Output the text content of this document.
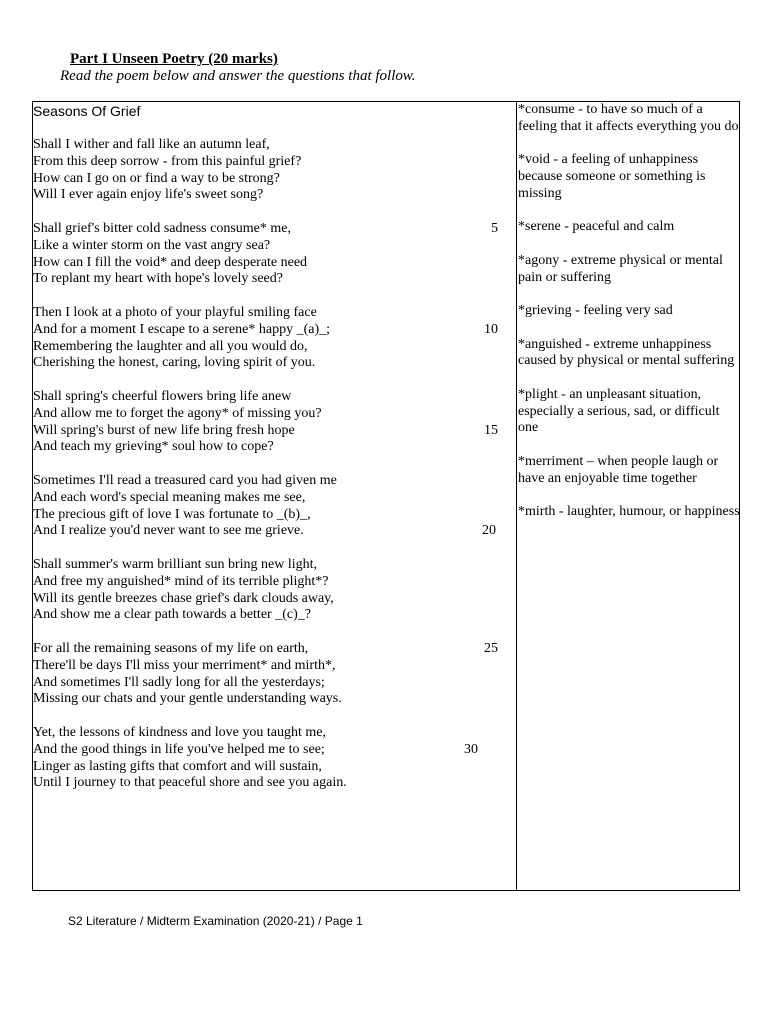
Part I Unseen Poetry (20 marks)
Read the poem below and answer the questions that follow.
Seasons Of Grief
Shall I wither and fall like an autumn leaf,
From this deep sorrow - from this painful grief?
How can I go on or find a way to be strong?
Will I ever again enjoy life's sweet song?
Shall grief's bitter cold sadness consume* me,	5
Like a winter storm on the vast angry sea?
How can I fill the void* and deep desperate need
To replant my heart with hope's lovely seed?
Then I look at a photo of your playful smiling face
And for a moment I escape to a serene* happy _(a)_;	10
Remembering the laughter and all you would do,
Cherishing the honest, caring, loving spirit of you.
Shall spring's cheerful flowers bring life anew
And allow me to forget the agony* of missing you?
Will spring's burst of new life bring fresh hope	15
And teach my grieving* soul how to cope?
Sometimes I'll read a treasured card you had given me
And each word's special meaning makes me see,
The precious gift of love I was fortunate to _(b)_,
And I realize you'd never want to see me grieve.	20
Shall summer's warm brilliant sun bring new light,
And free my anguished* mind of its terrible plight*?
Will its gentle breezes chase grief's dark clouds away,
And show me a clear path towards a better _(c)_?
For all the remaining seasons of my life on earth,	25
There'll be days I'll miss your merriment* and mirth*,
And sometimes I'll sadly long for all the yesterdays;
Missing our chats and your gentle understanding ways.
Yet, the lessons of kindness and love you taught me,
And the good things in life you've helped me to see;	30
Linger as lasting gifts that comfort and will sustain,
Until I journey to that peaceful shore and see you again.
*consume - to have so much of a feeling that it affects everything you do
*void - a feeling of unhappiness because someone or something is missing
*serene - peaceful and calm
*agony - extreme physical or mental pain or suffering
*grieving - feeling very sad
*anguished - extreme unhappiness caused by physical or mental suffering
*plight - an unpleasant situation, especially a serious, sad, or difficult one
*merriment – when people laugh or have an enjoyable time together
*mirth - laughter, humour, or happiness
S2 Literature / Midterm Examination (2020-21) / Page 1
